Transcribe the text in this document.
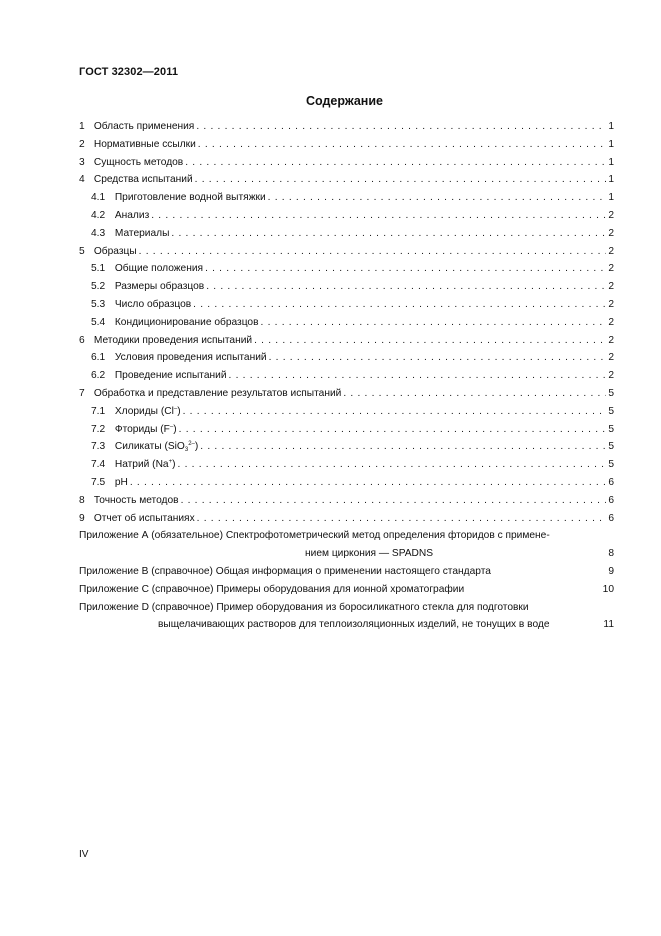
ГОСТ 32302—2011
Содержание
1 Область применения . . .	1
2 Нормативные ссылки . . .	1
3 Сущность методов . . .	1
4 Средства испытаний . . .	1
4.1 Приготовление водной вытяжки . . .	1
4.2 Анализ . . .	2
4.3 Материалы . . .	2
5 Образцы . . .	2
5.1 Общие положения . . .	2
5.2 Размеры образцов . . .	2
5.3 Число образцов . . .	2
5.4 Кондиционирование образцов . . .	2
6 Методики проведения испытаний . . .	2
6.1 Условия проведения испытаний . . .	2
6.2 Проведение испытаний . . .	2
7 Обработка и представление результатов испытаний . . .	5
7.1 Хлориды (Cl–) . . .	5
7.2 Фториды (F–) . . .	5
7.3 Силикаты (SiO$_3^{2-}$) . . .	5
7.4 Натрий (Na+) . . .	5
7.5 pH . . .	6
8 Точность методов . . .	6
9 Отчет об испытаниях . . .	6
Приложение А (обязательное) Спектрофотометрический метод определения фторидов с примене-
нием циркония — SPADNS	8
Приложение В (справочное) Общая информация о применении настоящего стандарта	9
Приложение С (справочное) Примеры оборудования для ионной хроматографии	10
Приложение D (справочное) Пример оборудования из боросиликатного стекла для подготовки
выщелачивающих растворов для теплоизоляционных изделий, не тонущих в воде	11
IV
